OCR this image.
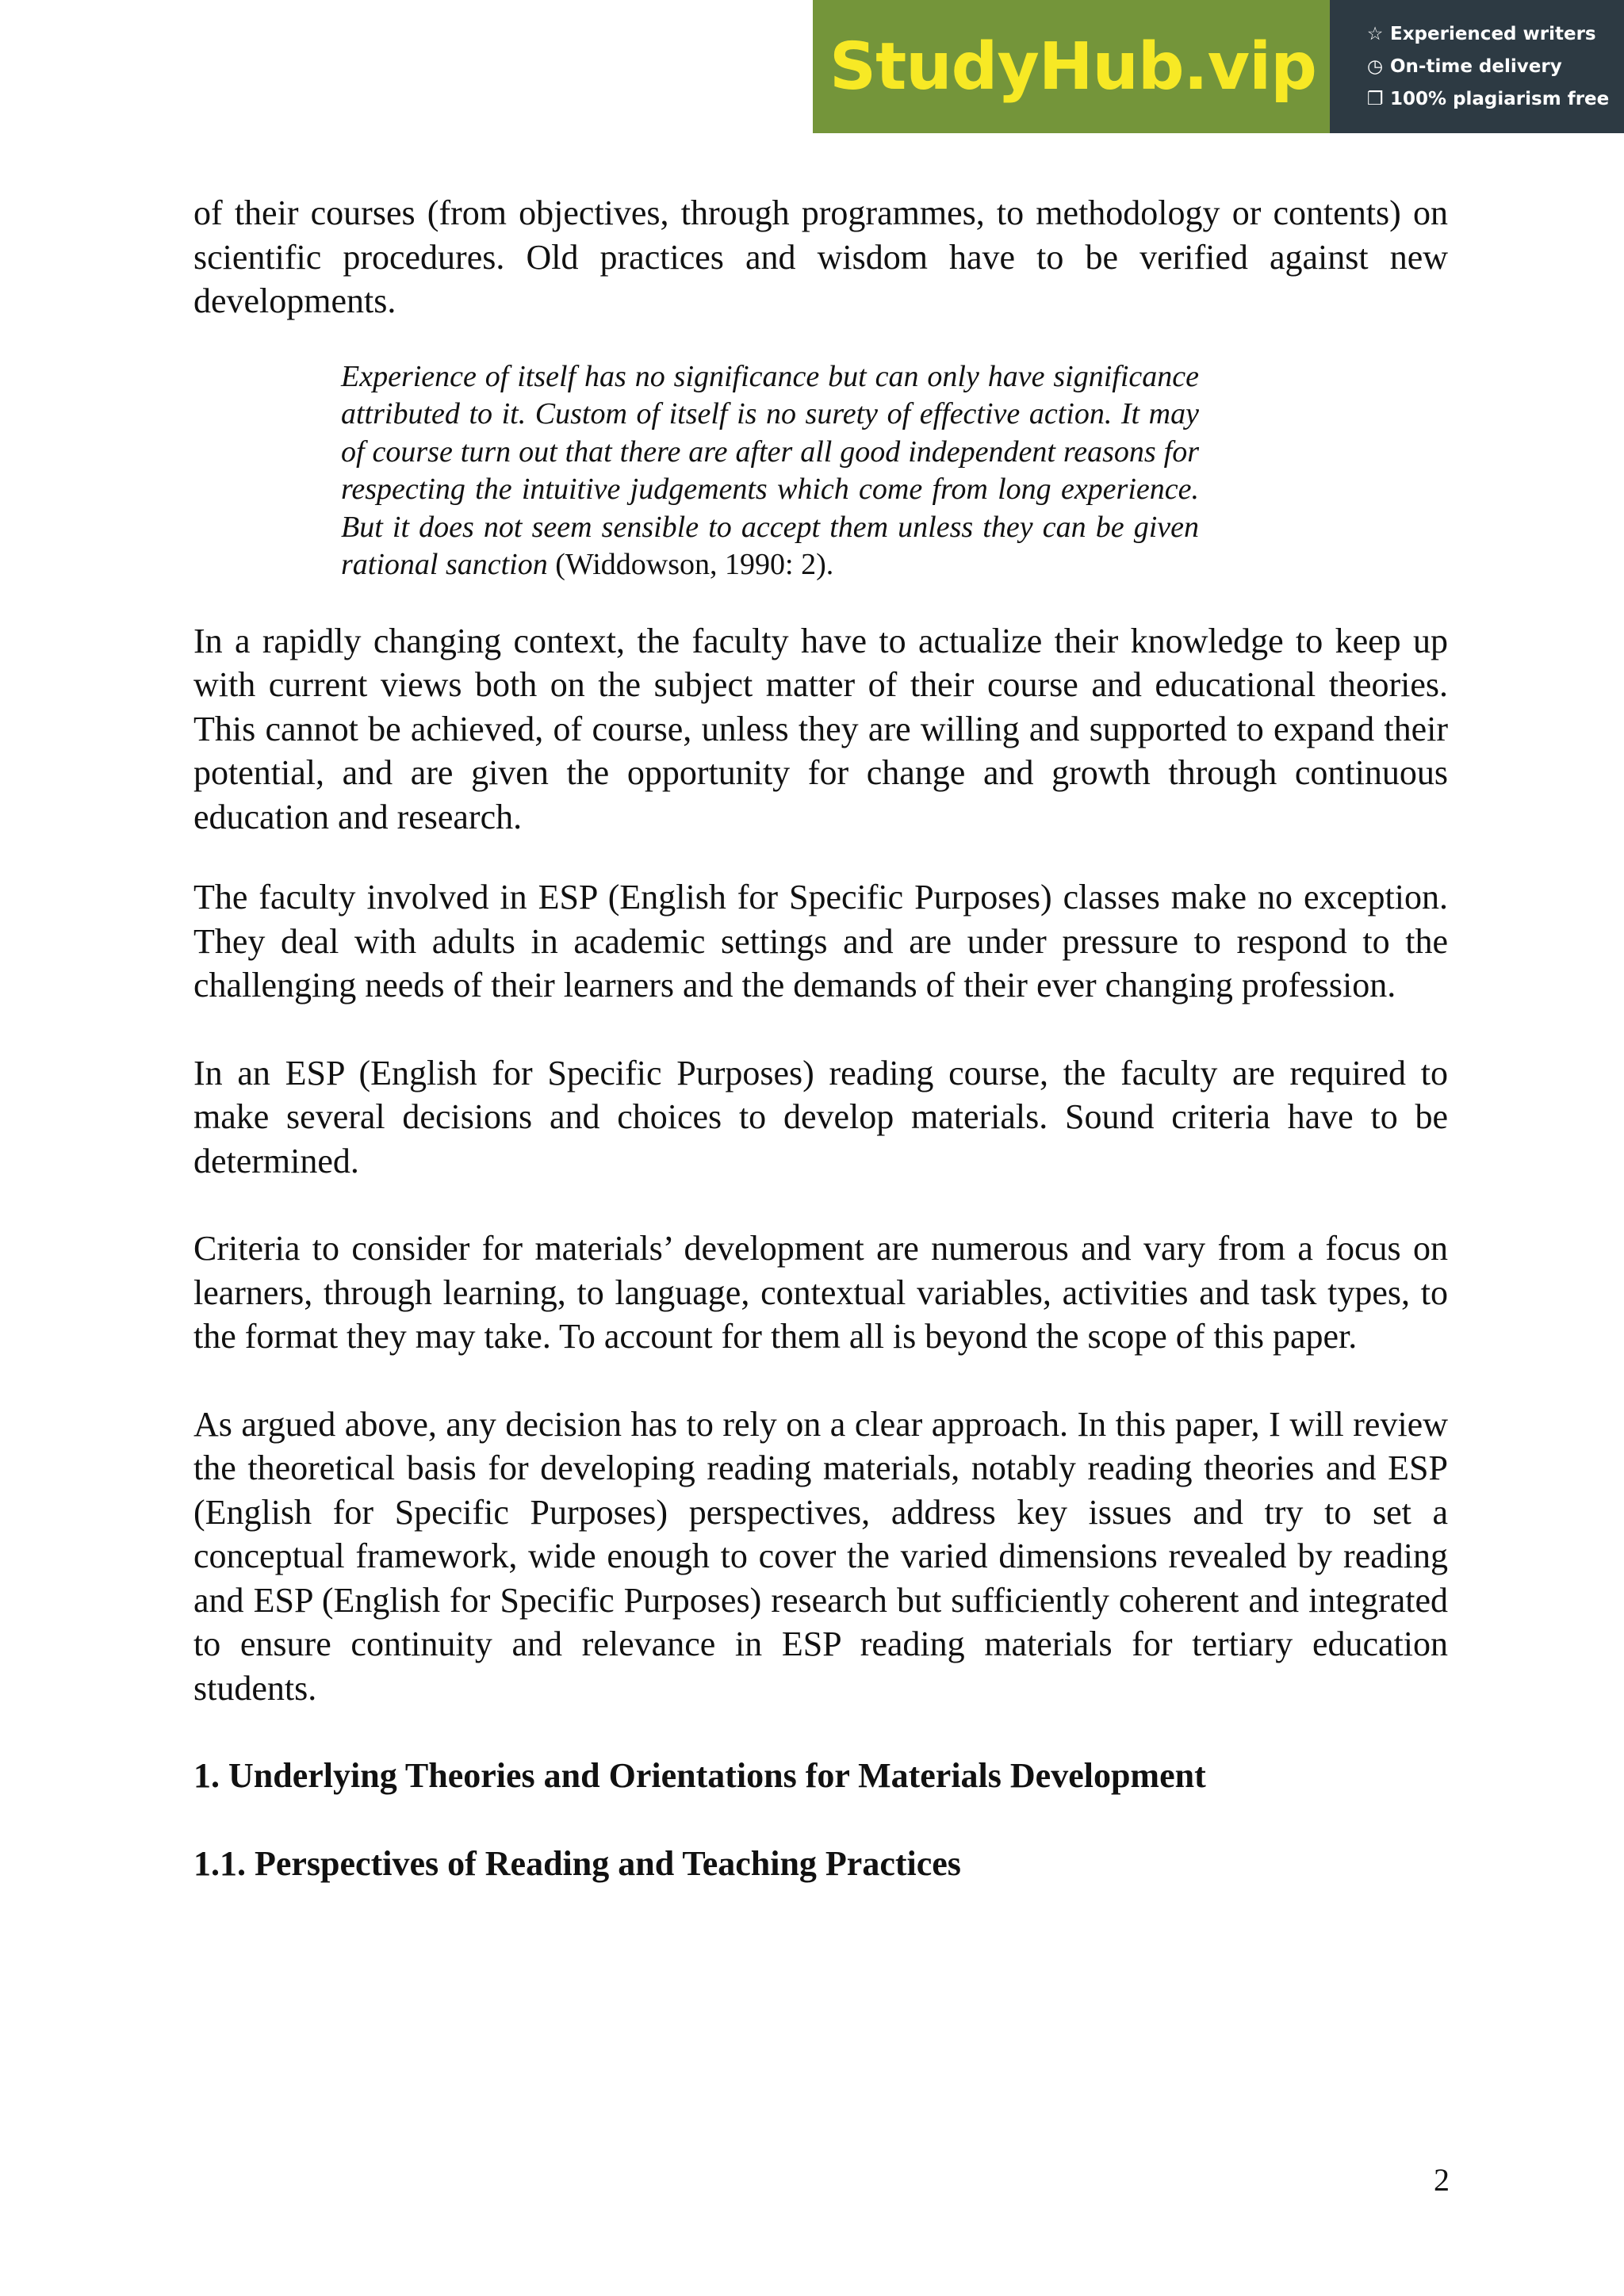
StudyHub.vip	☆ Experienced writers
◷ On-time delivery
❐ 100% plagiarism free

of their courses (from objectives, through programmes, to methodology or contents) on scientific procedures. Old practices and wisdom have to be verified against new developments.

Experience of itself has no significance but can only have significance attributed to it. Custom of itself is no surety of effective action. It may of course turn out that there are after all good independent reasons for respecting the intuitive judgements which come from long experience. But it does not seem sensible to accept them unless they can be given rational sanction (Widdowson, 1990: 2).

In a rapidly changing context, the faculty have to actualize their knowledge to keep up with current views both on the subject matter of their course and educational theories. This cannot be achieved, of course, unless they are willing and supported to expand their potential, and are given the opportunity for change and growth through continuous education and research.

The faculty involved in ESP (English for Specific Purposes) classes make no exception. They deal with adults in academic settings and are under pressure to respond to the challenging needs of their learners and the demands of their ever changing profession.

In an ESP (English for Specific Purposes) reading course, the faculty are required to make several decisions and choices to develop materials. Sound criteria have to be determined.

Criteria to consider for materials’ development are numerous and vary from a focus on learners, through learning, to language, contextual variables, activities and task types, to the format they may take. To account for them all is beyond the scope of this paper.

As argued above, any decision has to rely on a clear approach. In this paper, I will review the theoretical basis for developing reading materials, notably reading theories and ESP (English for Specific Purposes) perspectives, address key issues and try to set a conceptual framework, wide enough to cover the varied dimensions revealed by reading and ESP (English for Specific Purposes) research but sufficiently coherent and integrated to ensure continuity and relevance in ESP reading materials for tertiary education students.

1. Underlying Theories and Orientations for Materials Development
1.1. Perspectives of Reading and Teaching Practices
2
